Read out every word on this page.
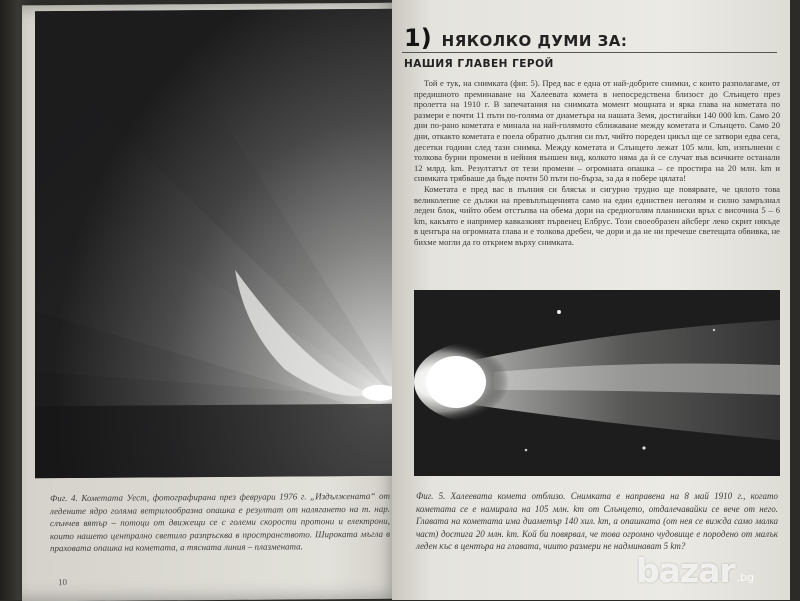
Фиг. 4. Кометата Уест, фотографирана през февруари 1976 г. „Издължената“ от ледените ядро голяма ветрилообразна опашка е резултат от налягането на т. нар. слънчев вятър – потоци от движещи се с големи скорости протони и електрони, които нашето централно светило разпръсква в пространството. Широката мъгла в праховата опашка на кометата, а тясната линия – плазмената.
10
1) НЯКОЛКО ДУМИ ЗА:
НАШИЯ ГЛАВЕН ГЕРОЙ

Той е тук, на снимката (фиг. 5). Пред вас е една от най-добрите снимки, с които разполагаме, от предишното преминаване на Халеевата комета в непосредствена близост до Слънцето през пролетта на 1910 г. В запечатания на снимката момент мощната и ярка глава на кометата по размери е почти 11 пъти по-голяма от диаметъра на нашата Земя, достигайки 140 000 km. Само 20 дни по-рано кометата е минала на най-голямото сближаване между кометата и Слънцето. Само 20 дни, откакто кометата е поела обратно дългия си път, чийто пореден цикъл ще се затвори едва сега, десетки години след тази снимка. Между кометата и Слънцето лежат 105 млн. km, изпълнени с толкова бурни промени в нейния външен вид, колкото няма да ѝ се случат във всичките останали 12 млрд. km. Резултатът от тези промени – огромната опашка – се простира на 20 млн. km и снимката трябваше да бъде почти 50 пъти по-бързa, за да я побере цялата!

Кометата е пред вас в пълния си блясък и сигурно трудно ще повярвате, че цялото това великолепие се дължи на превъплъщенията само на един единствен неголям и силно замръзнал леден блок, чийто обем отстъпва на обема дори на средноголям планински връх с височина 5 – 6 km, какъвто е например кавказкият първенец Елбрус. Този своеобразен айсберг леко скрит някъде в центъра на огромната глава и е толкова дребен, че дори и да не ни пречеше светещата обвивка, не бихме могли да го открием върху снимката.

Фиг. 5. Халеевата комета отблизо. Снимката е направена на 8 май 1910 г., когато кометата се е намирала на 105 млн. km от Слънцето, отдалечавайки се вече от него. Главата на кометата има диаметър 140 хил. km, а опашката (от нея се вижда само малка част) достига 20 млн. km. Кой би повярвал, че това огромно чудовище е породено от малък леден къс в центъра на главата, чиито размери не надминават 5 km?
bazar .bg
